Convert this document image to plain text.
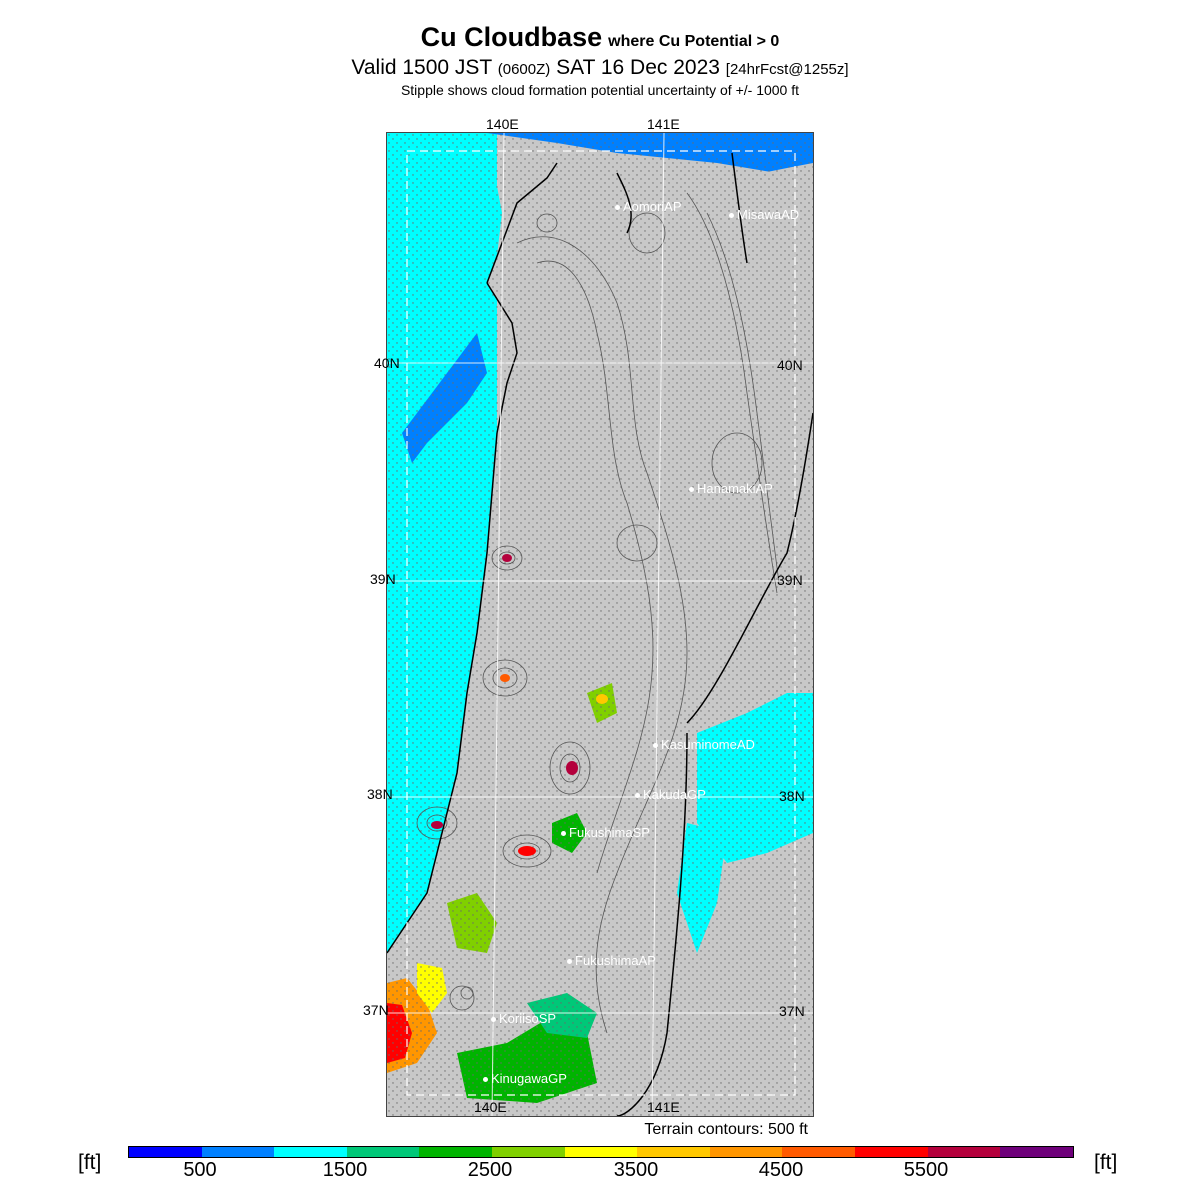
Cu Cloudbase where Cu Potential > 0
Valid 1500 JST (0600Z) SAT 16 Dec 2023 [24hrFcst@1255z]
Stipple shows cloud formation potential uncertainty of +/- 1000 ft
AomoriAP
MisawaAD
HanamakiAP
KasuminomeAD
KakudaGP
FukushimaSP
FukushimaAP
KoriisoSP
KinugawaGP
140E	141E
140E	141E
40N
39N
38N
37N
40N
39N
38N
37N
Terrain contours: 500 ft
[ft]	[ft]
500	1500	2500	3500	4500	5500
